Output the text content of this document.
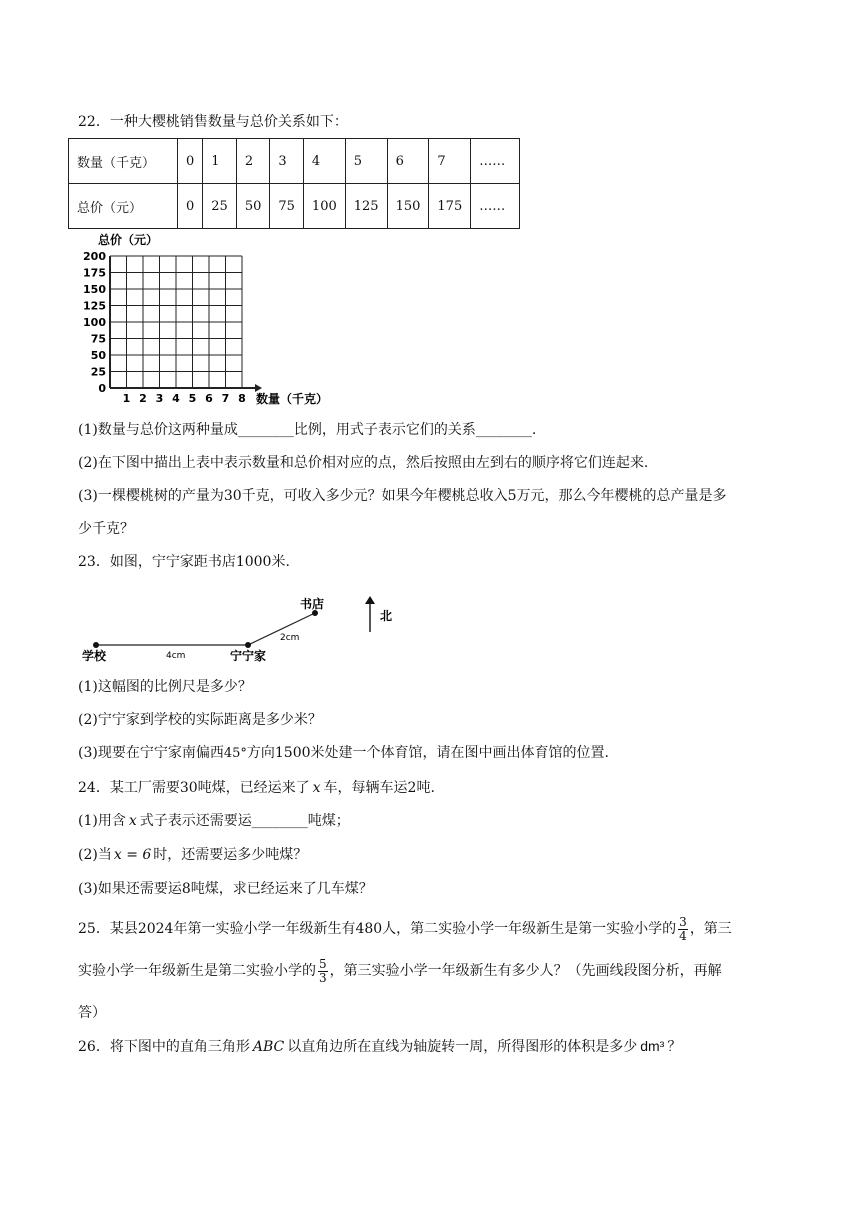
22．一种大樱桃销售数量与总价关系如下：
数量（千克）	0	1	2	3	4	5	6	7	……
总价（元）	0	25	50	75	100	125	150	175	……
总价（元）
0
25
50
75
100
125
150
175
200
1 2 3 4 5 6 7 8 数量（千克）
(1)数量与总价这两种量成________比例，用式子表示它们的关系________.
(2)在下图中描出上表中表示数量和总价相对应的点，然后按照由左到右的顺序将它们连起来.
(3)一棵樱桃树的产量为30千克，可收入多少元？如果今年樱桃总收入5万元，那么今年樱桃的总产量是多
少千克？
23．如图，宁宁家距书店1000米.
学校	宁宁家
书店
4cm
2cm
北
(1)这幅图的比例尺是多少？
(2)宁宁家到学校的实际距离是多少米？
(3)现要在宁宁家南偏西45°方向1500米处建一个体育馆，请在图中画出体育馆的位置.
24．某工厂需要30吨煤，已经运来了 x 车，每辆车运2吨.
(1)用含 x 式子表示还需要运________吨煤；
(2)当 x = 6 时，还需要运多少吨煤？
(3)如果还需要运8吨煤，求已经运来了几车煤？
25．某县2024年第一实验小学一年级新生有480人，第二实验小学一年级新生是第一实验小学的 $\frac{3}{4}$ ，第三
实验小学一年级新生是第二实验小学的 $\frac{5}{3}$ ，第三实验小学一年级新生有多少人？（先画线段图分析，再解
答）
26．将下图中的直角三角形 ABC 以直角边所在直线为轴旋转一周，所得图形的体积是多少 dm³ ？
